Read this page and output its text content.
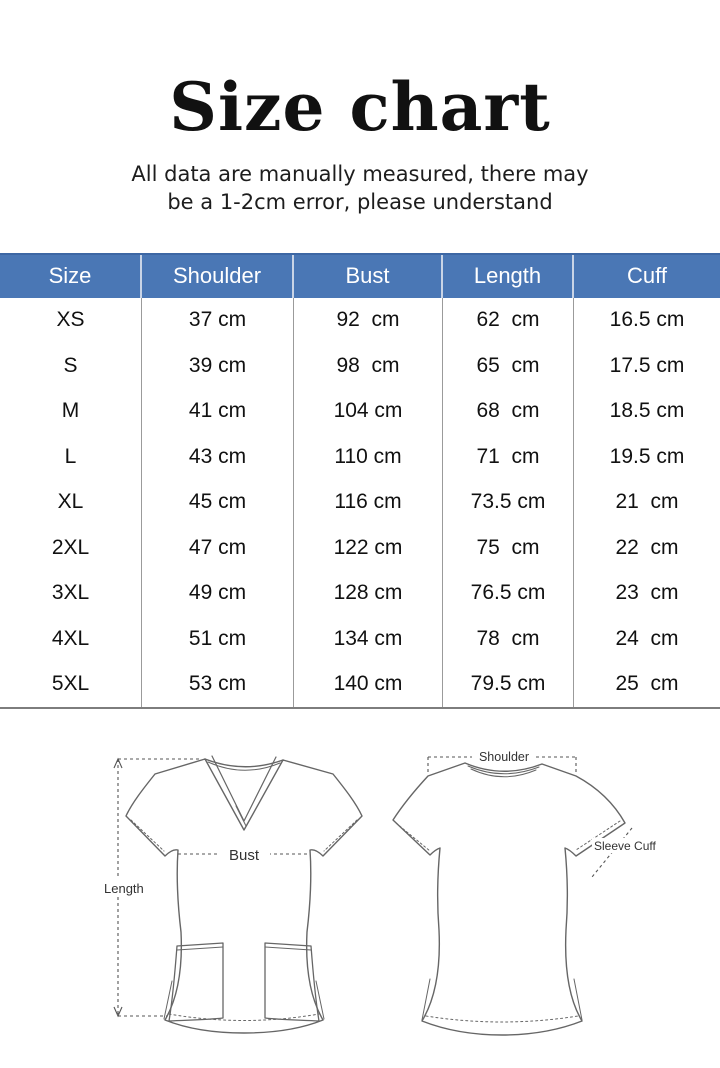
Size chart
All data are manually measured, there may
be a 1-2cm error, please understand
Size	Shoulder	Bust	Length	Cuff
XS	37 cm	92  cm	62  cm	16.5 cm
S	39 cm	98  cm	65  cm	17.5 cm
M	41 cm	104 cm	68  cm	18.5 cm
L	43 cm	110 cm	71  cm	19.5 cm
XL	45 cm	116 cm	73.5 cm	21  cm
2XL	47 cm	122 cm	75  cm	22  cm
3XL	49 cm	128 cm	76.5 cm	23  cm
4XL	51 cm	134 cm	78  cm	24  cm
5XL	53 cm	140 cm	79.5 cm	25  cm
Bust
Length
Shoulder
Sleeve Cuff
